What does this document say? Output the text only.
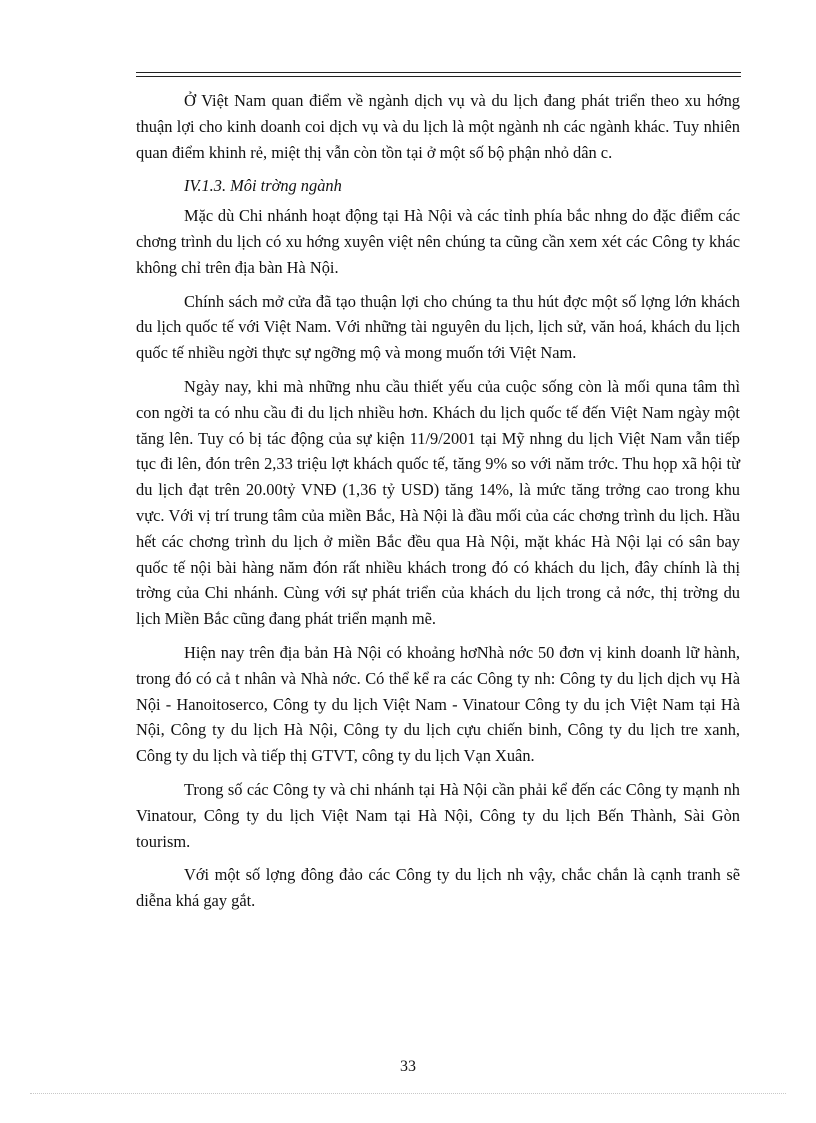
Ở Việt Nam quan điểm về ngành dịch vụ và du lịch đang phát triển theo xu hớng thuận lợi cho kinh doanh coi dịch vụ và du lịch là một ngành nh các ngành khác. Tuy nhiên quan điểm khinh rẻ, miệt thị vẫn còn tồn tại ở một số bộ phận nhỏ dân c.

IV.1.3. Môi trờng ngành

Mặc dù Chi nhánh hoạt động tại Hà Nội và các tỉnh phía bắc nhng do đặc điểm các chơng trình du lịch có xu hớng xuyên việt nên chúng ta cũng cần xem xét các Công ty khác không chỉ trên địa bàn Hà Nội.

Chính sách mở cửa đã tạo thuận lợi cho chúng ta thu hút đợc một số lợng lớn khách du lịch quốc tế với Việt Nam. Với những tài nguyên du lịch, lịch sử, văn hoá, khách du lịch quốc tế nhiều ngời thực sự ngỡng mộ và mong muốn tới Việt Nam.

Ngày nay, khi mà những nhu cầu thiết yếu của cuộc sống còn là mối quna tâm thì con ngời ta có nhu cầu đi du lịch nhiều hơn. Khách du lịch quốc tế đến Việt Nam ngày một tăng lên. Tuy có bị tác động của sự kiện 11/9/2001 tại Mỹ nhng du lịch Việt Nam vẫn tiếp tục đi lên, đón trên 2,33 triệu lợt khách quốc tế, tăng 9% so với năm trớc. Thu họp xã hội từ du lịch đạt trên 20.00tỷ VNĐ (1,36 tỷ USD) tăng 14%, là mức tăng trởng cao trong khu vực. Với vị trí trung tâm của miền Bắc, Hà Nội là đầu mối của các chơng trình du lịch. Hầu hết các chơng trình du lịch ở miền Bắc đều qua Hà Nội, mặt khác Hà Nội lại có sân bay quốc tế nội bài hàng năm đón rất nhiều khách trong đó có khách du lịch, đây chính là thị trờng của Chi nhánh. Cùng với sự phát triển của khách du lịch trong cả nớc, thị trờng du lịch Miền Bắc cũng đang phát triển mạnh mẽ.

Hiện nay trên địa bản Hà Nội có khoảng hơNhà nớc 50 đơn vị kinh doanh lữ hành, trong đó có cả t nhân và Nhà nớc. Có thể kể ra các Công ty nh: Công ty du lịch dịch vụ Hà Nội - Hanoitoserco, Công ty du lịch Việt Nam - Vinatour Công ty du ịch Việt Nam tại Hà Nội, Công ty du lịch Hà Nội, Công ty du lịch cựu chiến binh, Công ty du lịch tre xanh, Công ty du lịch và tiếp thị GTVT, công ty du lịch Vạn Xuân.

Trong số các Công ty và chi nhánh tại Hà Nội cần phải kể đến các Công ty mạnh nh Vinatour, Công ty du lịch Việt Nam tại Hà Nội, Công ty du lịch Bến Thành, Sài Gòn tourism.

Với một số lợng đông đảo các Công ty du lịch nh vậy, chắc chắn là cạnh tranh sẽ diễna khá gay gắt.

33
